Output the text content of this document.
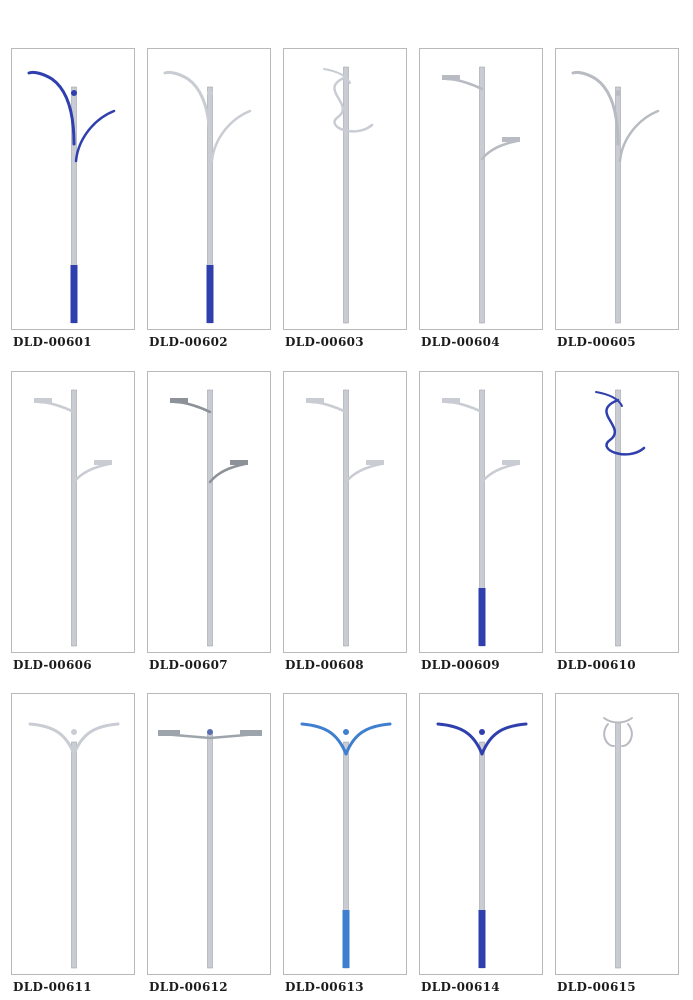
DLD-00601	DLD-00602	DLD-00603	DLD-00604	DLD-00605
DLD-00606	DLD-00607	DLD-00608	DLD-00609	DLD-00610
DLD-00611	DLD-00612	DLD-00613	DLD-00614	DLD-00615
